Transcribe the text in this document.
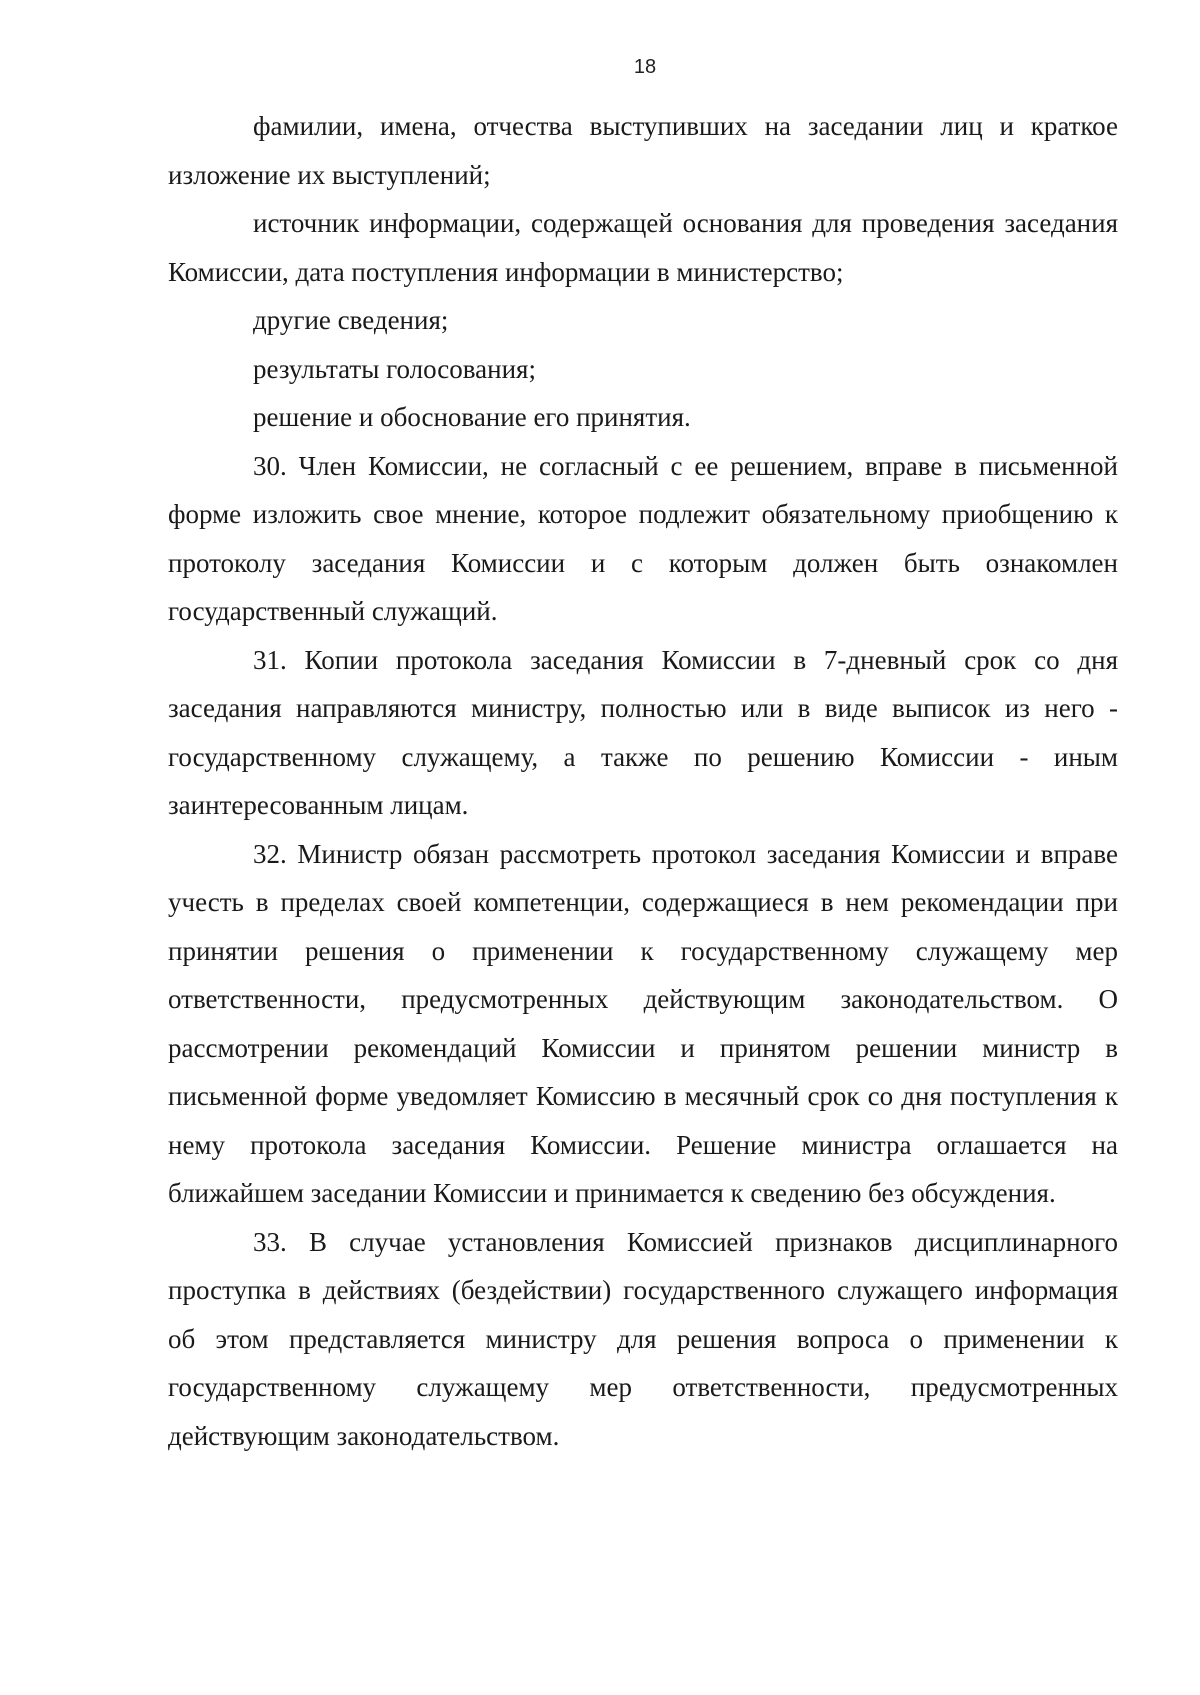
18

фамилии, имена, отчества выступивших на заседании лиц и краткое изложение их выступлений;

источник информации, содержащей основания для проведения заседания Комиссии, дата поступления информации в министерство;

другие сведения;

результаты голосования;

решение и обоснование его принятия.

30. Член Комиссии, не согласный с ее решением, вправе в письменной форме изложить свое мнение, которое подлежит обязательному приобщению к протоколу заседания Комиссии и с которым должен быть ознакомлен государственный служащий.

31. Копии протокола заседания Комиссии в 7-дневный срок со дня заседания направляются министру, полностью или в виде выписок из него - государственному служащему, а также по решению Комиссии - иным заинтересованным лицам.

32. Министр обязан рассмотреть протокол заседания Комиссии и вправе учесть в пределах своей компетенции, содержащиеся в нем рекомендации при принятии решения о применении к государственному служащему мер ответственности, предусмотренных действующим законодательством. О рассмотрении рекомендаций Комиссии и принятом решении министр в письменной форме уведомляет Комиссию в месячный срок со дня поступления к нему протокола заседания Комиссии. Решение министра оглашается на ближайшем заседании Комиссии и принимается к сведению без обсуждения.

33. В случае установления Комиссией признаков дисциплинарного проступка в действиях (бездействии) государственного служащего информация об этом представляется министру для решения вопроса о применении к государственному служащему мер ответственности, предусмотренных действующим законодательством.
